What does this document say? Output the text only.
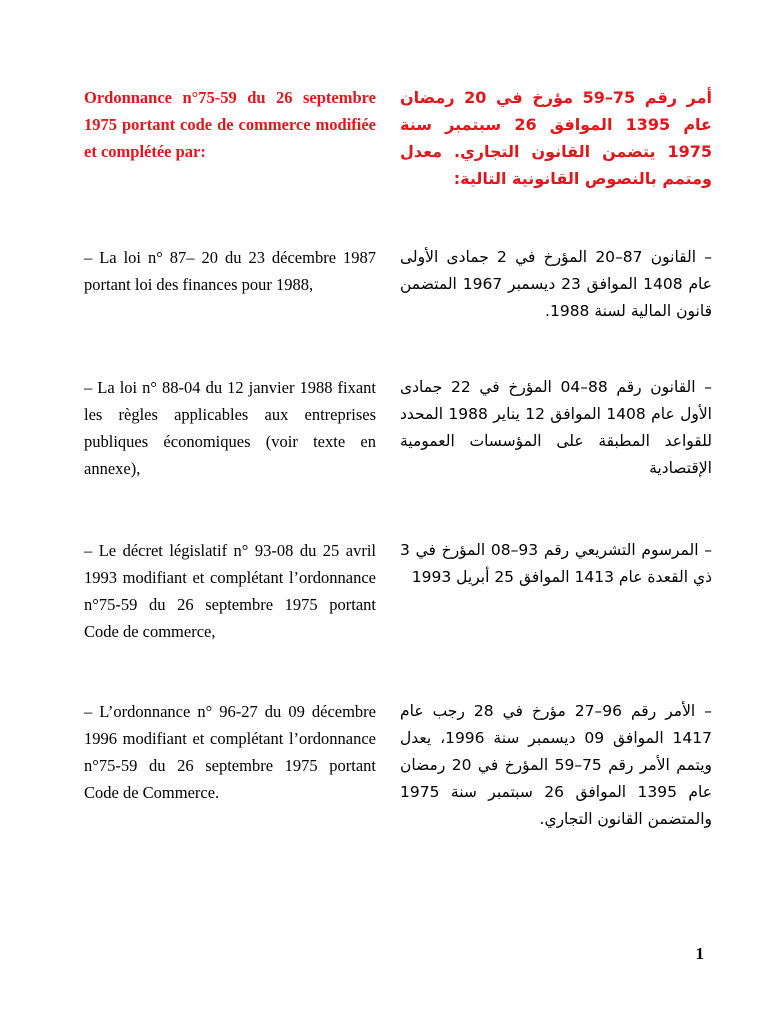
Ordonnance n°75-59 du 26 septembre 1975 portant code de commerce modifiée et complétée par:
أمر رقم 75–59 مؤرخ في 20 رمضان عام 1395 الموافق 26 سبتمبر سنة 1975 يتضمن القانون التجاري. معدل ومتمم بالنصوص القانونية التالية:
– La loi n° 87– 20 du 23 décembre 1987 portant loi des finances pour 1988,
– القانون 87–20 المؤرخ في 2 جمادى الأولى عام 1408 الموافق 23 ديسمبر 1967 المتضمن قانون المالية لسنة 1988.
– La loi n° 88-04 du 12 janvier 1988 fixant les règles applicables aux entreprises publiques économiques (voir texte en annexe),
– القانون رقم 88–04 المؤرخ في 22 جمادى الأول عام 1408 الموافق 12 يناير 1988 المحدد للقواعد المطبقة على المؤسسات العمومية الإقتصادية
– Le décret législatif n° 93-08 du 25 avril 1993 modifiant et complétant l’ordonnance n°75-59 du 26 septembre 1975 portant Code de commerce,
– المرسوم التشريعي رقم 93–08 المؤرخ في 3 ذي القعدة عام 1413 الموافق 25 أبريل 1993
– L’ordonnance n° 96-27 du 09 décembre 1996 modifiant et complétant l’ordonnance n°75-59 du 26 septembre 1975 portant Code de Commerce.
– الأمر رقم 96–27 مؤرخ في 28 رجب عام 1417 الموافق 09 ديسمبر سنة 1996، يعدل ويتمم الأمر رقم 75–59 المؤرخ في 20 رمضان عام 1395 الموافق 26 سبتمبر سنة 1975 والمتضمن القانون التجاري.
1
